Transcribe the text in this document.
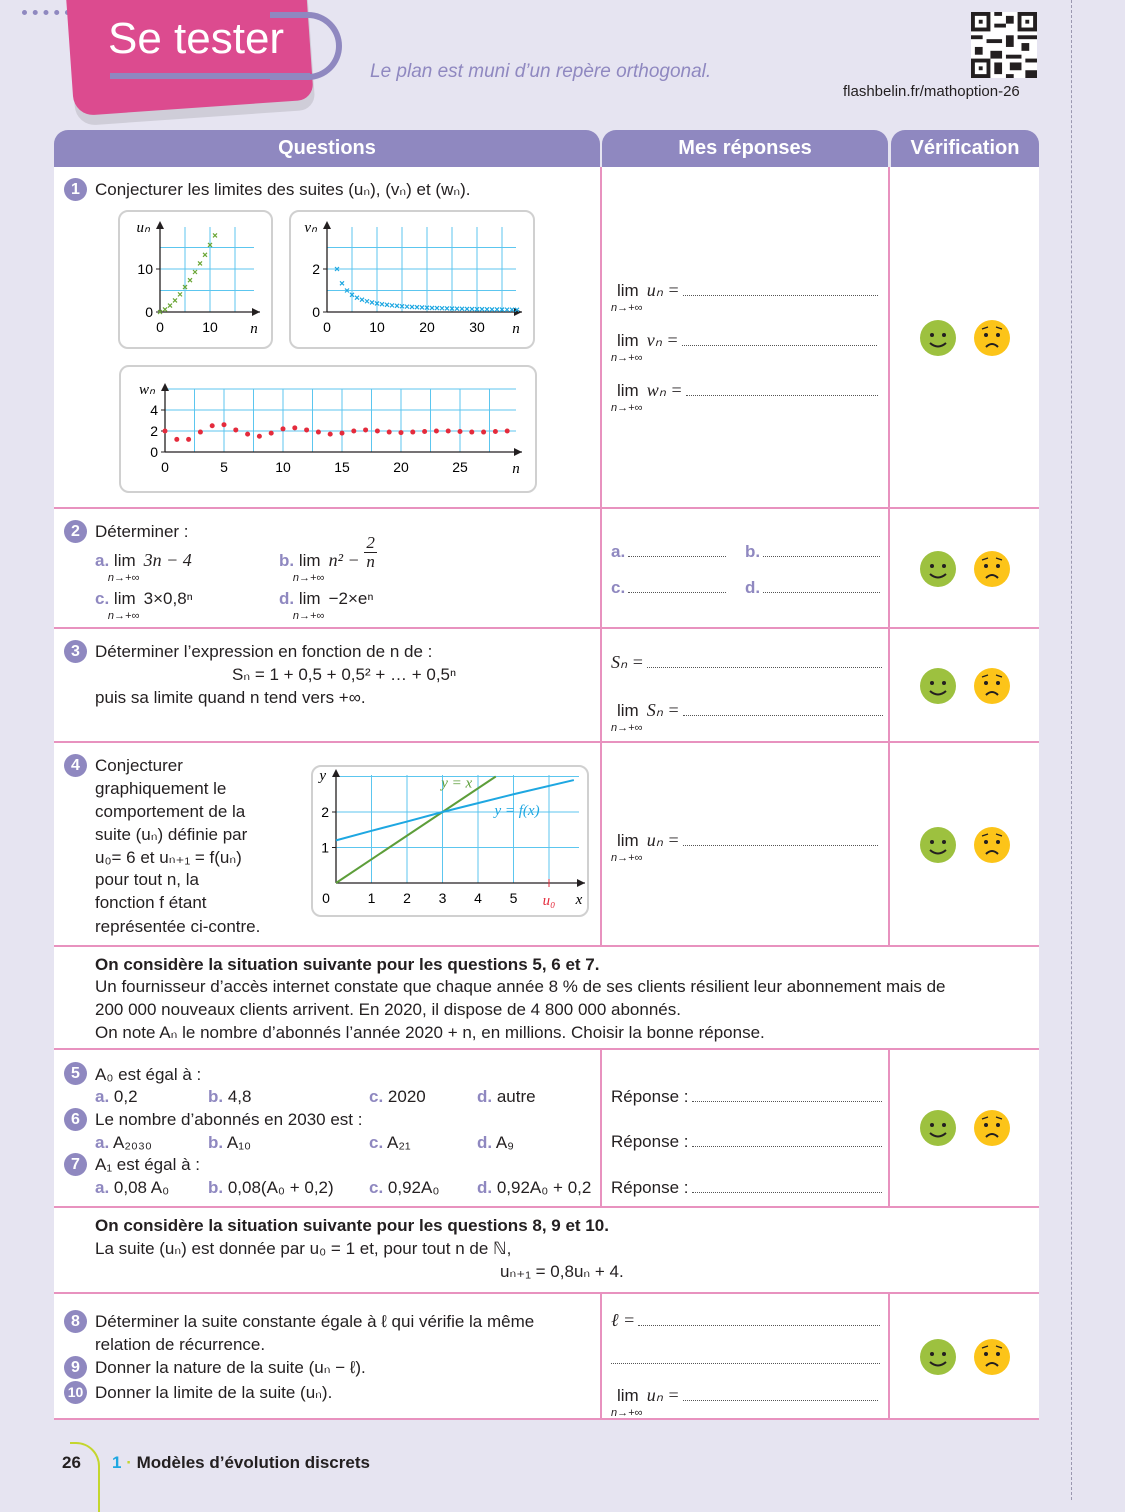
Se tester
Le plan est muni d’un repère orthogonal.
flashbelin.fr/mathoption-26
Questions	Mes réponses	Vérification
1 Conjecturer les limites des suites (uₙ), (vₙ) et (wₙ).
0	10
0
10
n
uₙ
0	10 20 30
0
2
n
vₙ
0	5	10	15	20	25
0
2
4
n
wₙ
lim
n→+∞
uₙ =
lim
n→+∞
vₙ =
lim
n→+∞
wₙ =
2 Déterminer :
a. lim
n→+∞
3n − 4	b. lim
n→+∞
$n^2 - \frac{2}{n}$
c. lim
n→+∞
3×0,8ⁿ	d. lim
n→+∞
−2×eⁿ
a.	b.
c.	d.
3 Déterminer l’expression en fonction de n de :
Sₙ = 1 + 0,5 + 0,5² + … + 0,5ⁿ
puis sa limite quand n tend vers +∞.
Sₙ =
lim
n→+∞
Sₙ =
4 Conjecturer
graphiquement le
comportement de la
suite (uₙ) définie par
u₀= 6 et uₙ₊₁ = f(uₙ)
pour tout n, la
fonction f étant
représentée ci-contre.
1 2 3 4 5
1
2
0	x
y	y = x
y = f(x)
u₀
lim
n→+∞
uₙ =
On considère la situation suivante pour les questions 5, 6 et 7.
Un fournisseur d’accès internet constate que chaque année 8 % de ses clients résilient leur abonnement mais de
200 000 nouveaux clients arrivent. En 2020, il dispose de 4 800 000 abonnés.
On note Aₙ le nombre d’abonnés l’année 2020 + n, en millions. Choisir la bonne réponse.
5 A₀ est égal à :
a. 0,2	b. 4,8	c. 2020	d. autre
6 Le nombre d’abonnés en 2030 est :
a. A₂₀₃₀	b. A₁₀	c. A₂₁	d. A₉
7 A₁ est égal à :
a. 0,08 A₀ b. 0,08(A₀ + 0,2) c. 0,92A₀ d. 0,92A₀ + 0,2
Réponse :
Réponse :
Réponse :
On considère la situation suivante pour les questions 8, 9 et 10.
La suite (uₙ) est donnée par u₀ = 1 et, pour tout n de ℕ,
uₙ₊₁ = 0,8uₙ + 4.
8 Déterminer la suite constante égale à ℓ qui vérifie la même
relation de récurrence.
9 Donner la nature de la suite (uₙ − ℓ).
10 Donner la limite de la suite (uₙ).
ℓ =
lim
n→+∞
uₙ =
26 1 · Modèles d’évolution discrets
